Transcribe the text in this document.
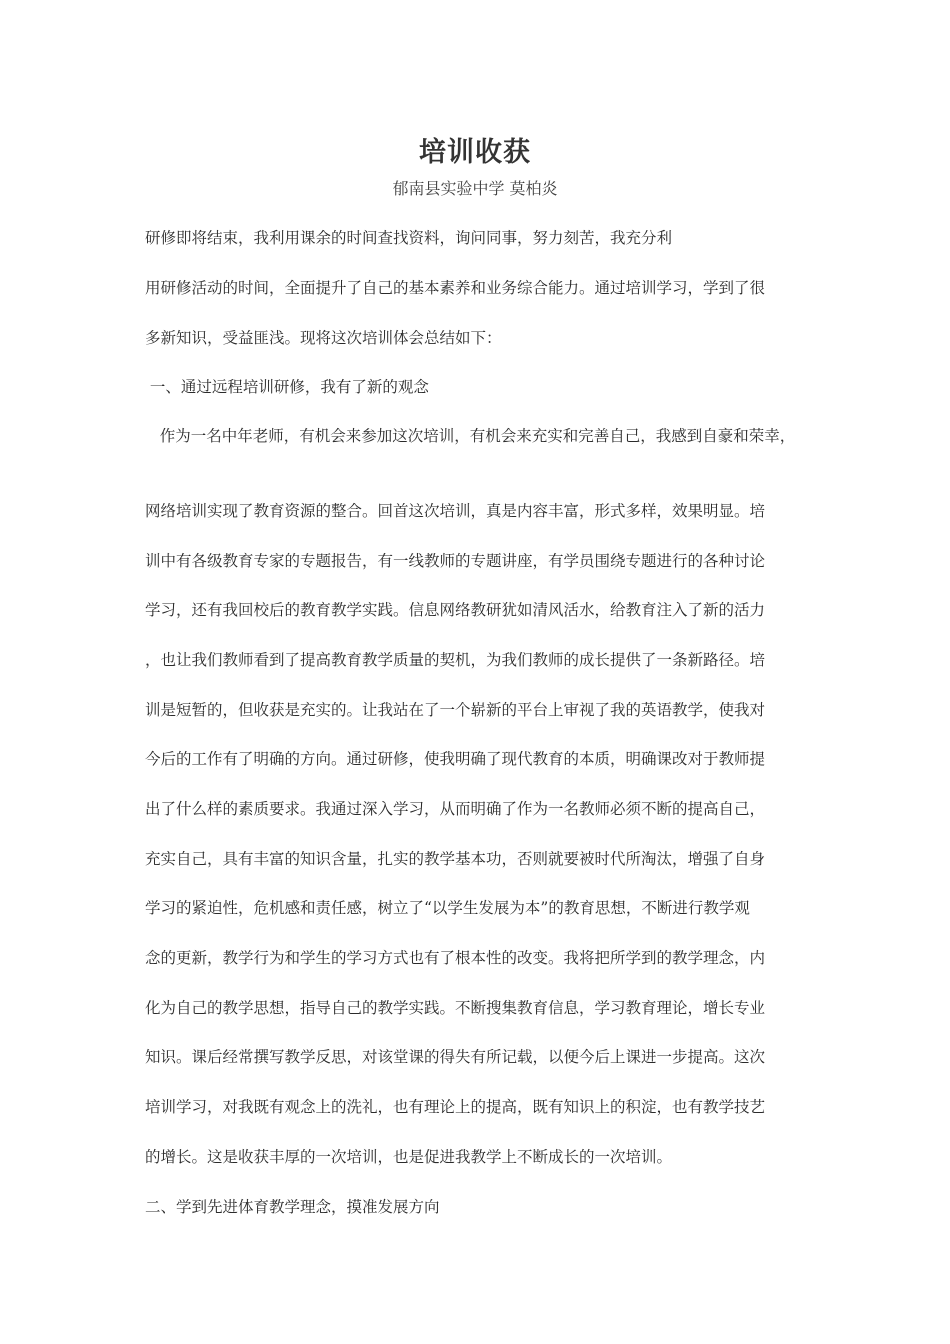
培训收获
郁南县实验中学 莫柏炎
研修即将结束，我利用课余的时间查找资料，询问同事，努力刻苦，我充分利
用研修活动的时间，全面提升了自己的基本素养和业务综合能力。通过培训学习，学到了很
多新知识，受益匪浅。现将这次培训体会总结如下：
一、通过远程培训研修，我有了新的观念
作为一名中年老师，有机会来参加这次培训，有机会来充实和完善自己，我感到自豪和荣幸，
网络培训实现了教育资源的整合。回首这次培训，真是内容丰富，形式多样，效果明显。培
训中有各级教育专家的专题报告，有一线教师的专题讲座，有学员围绕专题进行的各种讨论
学习，还有我回校后的教育教学实践。信息网络教研犹如清风活水，给教育注入了新的活力
，也让我们教师看到了提高教育教学质量的契机，为我们教师的成长提供了一条新路径。培
训是短暂的，但收获是充实的。让我站在了一个崭新的平台上审视了我的英语教学，使我对
今后的工作有了明确的方向。通过研修，使我明确了现代教育的本质，明确课改对于教师提
出了什么样的素质要求。我通过深入学习，从而明确了作为一名教师必须不断的提高自己，
充实自己，具有丰富的知识含量，扎实的教学基本功，否则就要被时代所淘汰，增强了自身
学习的紧迫性，危机感和责任感，树立了“以学生发展为本”的教育思想，不断进行教学观
念的更新，教学行为和学生的学习方式也有了根本性的改变。我将把所学到的教学理念，内
化为自己的教学思想，指导自己的教学实践。不断搜集教育信息，学习教育理论，增长专业
知识。课后经常撰写教学反思，对该堂课的得失有所记载，以便今后上课进一步提高。这次
培训学习，对我既有观念上的洗礼，也有理论上的提高，既有知识上的积淀，也有教学技艺
的增长。这是收获丰厚的一次培训，也是促进我教学上不断成长的一次培训。
二、学到先进体育教学理念，摸准发展方向
